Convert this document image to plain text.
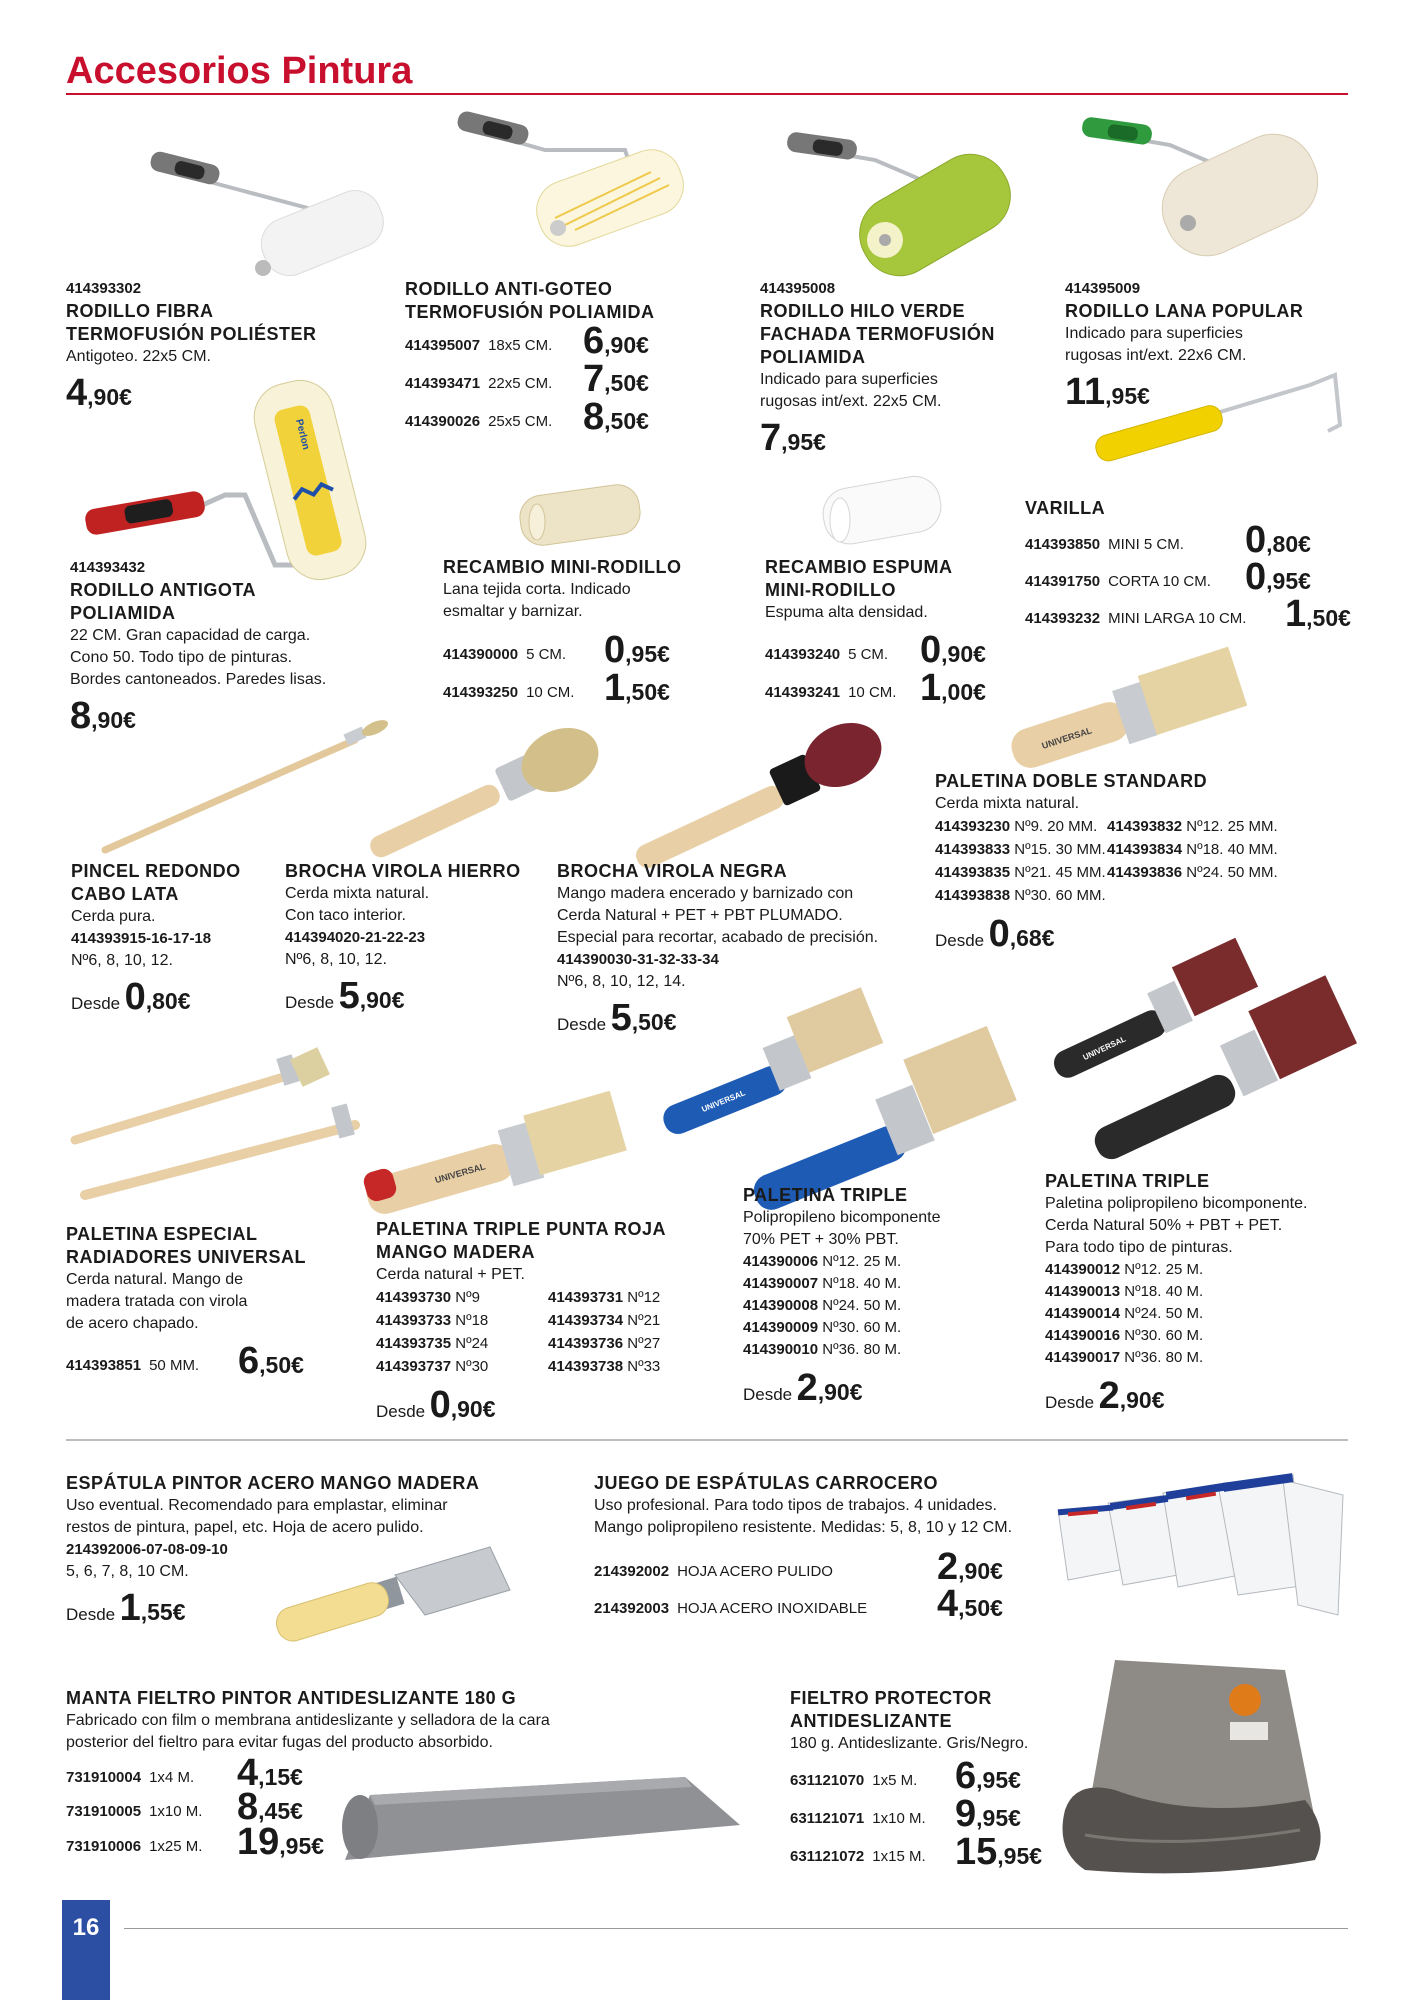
Accesorios Pintura
414393302
RODILLO FIBRA
TERMOFUSIÓN POLIÉSTER
Antigoteo. 22x5 CM.
4,90€
RODILLO ANTI-GOTEO
TERMOFUSIÓN POLIAMIDA
414395007 18x5 CM. 6,90€
414393471 22x5 CM. 7,50€
414390026 25x5 CM. 8,50€
414395008
RODILLO HILO VERDE
FACHADA TERMOFUSIÓN
POLIAMIDA
Indicado para superficies
rugosas int/ext. 22x5 CM.
7,95€
414395009
RODILLO LANA POPULAR
Indicado para superficies
rugosas int/ext. 22x6 CM.
11,95€
Perlon
414393432
RODILLO ANTIGOTA
POLIAMIDA
22 CM. Gran capacidad de carga.
Cono 50. Todo tipo de pinturas.
Bordes cantoneados. Paredes lisas.
8,90€
RECAMBIO MINI-RODILLO
Lana tejida corta. Indicado
esmaltar y barnizar.
414390000 5 CM. 0,95€
414393250 10 CM. 1,50€
RECAMBIO ESPUMA
MINI-RODILLO
Espuma alta densidad.
414393240 5 CM. 0,90€
414393241 10 CM. 1,00€
VARILLA
414393850 MINI 5 CM. 0,80€
414391750 CORTA 10 CM. 0,95€
414393232 MINI LARGA 10 CM. 1,50€
UNIVERSAL
PALETINA DOBLE STANDARD
Cerda mixta natural.
414393230 Nº9. 20 MM. 414393832 Nº12. 25 MM.
414393833 Nº15. 30 MM. 414393834 Nº18. 40 MM.
414393835 Nº21. 45 MM. 414393836 Nº24. 50 MM.
414393838 Nº30. 60 MM.
Desde 0,68€
PINCEL REDONDO
CABO LATA
Cerda pura.
414393915-16-17-18
Nº6, 8, 10, 12.
Desde 0,80€
BROCHA VIROLA HIERRO
Cerda mixta natural.
Con taco interior.
414394020-21-22-23
Nº6, 8, 10, 12.
Desde 5,90€
BROCHA VIROLA NEGRA
Mango madera encerado y barnizado con
Cerda Natural + PET + PBT PLUMADO.
Especial para recortar, acabado de precisión.
414390030-31-32-33-34
Nº6, 8, 10, 12, 14.
Desde 5,50€
UNIVERSAL
UNIVERSAL
UNIVERSAL
PALETINA ESPECIAL
RADIADORES UNIVERSAL
Cerda natural. Mango de
madera tratada con virola
de acero chapado.
414393851 50 MM. 6,50€
PALETINA TRIPLE PUNTA ROJA
MANGO MADERA
Cerda natural + PET.
414393730 Nº9	414393731 Nº12
414393733 Nº18	414393734 Nº21
414393735 Nº24	414393736 Nº27
414393737 Nº30	414393738 Nº33
Desde 0,90€
PALETINA TRIPLE
Polipropileno bicomponente
70% PET + 30% PBT.
414390006 Nº12. 25 M.
414390007 Nº18. 40 M.
414390008 Nº24. 50 M.
414390009 Nº30. 60 M.
414390010 Nº36. 80 M.
Desde 2,90€
PALETINA TRIPLE
Paletina polipropileno bicomponente.
Cerda Natural 50% + PBT + PET.
Para todo tipo de pinturas.
414390012 Nº12. 25 M.
414390013 Nº18. 40 M.
414390014 Nº24. 50 M.
414390016 Nº30. 60 M.
414390017 Nº36. 80 M.
Desde 2,90€
ESPÁTULA PINTOR ACERO MANGO MADERA
Uso eventual. Recomendado para emplastar, eliminar
restos de pintura, papel, etc. Hoja de acero pulido.
214392006-07-08-09-10
5, 6, 7, 8, 10 CM.
Desde 1,55€
JUEGO DE ESPÁTULAS CARROCERO
Uso profesional. Para todo tipos de trabajos. 4 unidades.
Mango polipropileno resistente. Medidas: 5, 8, 10 y 12 CM.
214392002 HOJA ACERO PULIDO	2,90€
214392003 HOJA ACERO INOXIDABLE 4,50€
MANTA FIELTRO PINTOR ANTIDESLIZANTE 180 G
Fabricado con film o membrana antideslizante y selladora de la cara
posterior del fieltro para evitar fugas del producto absorbido.
731910004 1x4 M. 4,15€
731910005 1x10 M. 8,45€
731910006 1x25 M. 19,95€
FIELTRO PROTECTOR
ANTIDESLIZANTE
180 g. Antideslizante. Gris/Negro.
631121070 1x5 M. 6,95€
631121071 1x10 M. 9,95€
631121072 1x15 M. 15,95€
16
